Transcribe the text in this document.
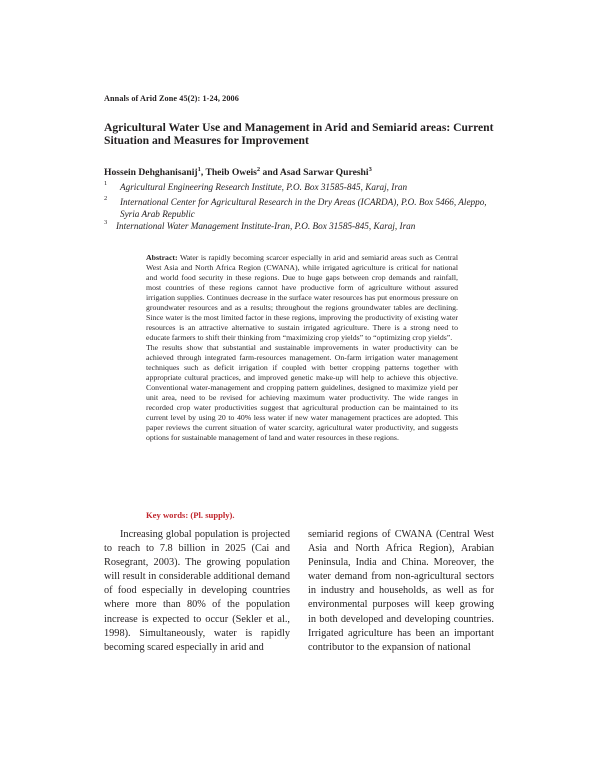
Annals of Arid Zone 45(2): 1-24, 2006
Agricultural Water Use and Management in Arid and Semiarid areas: Current Situation and Measures for Improvement
Hossein Dehghanisanij$^1$, Theib Oweis$^2$ and Asad Sarwar Qureshi$^3$
1	Agricultural Engineering Research Institute, P.O. Box 31585-845, Karaj, Iran
2	International Center for Agricultural Research in the Dry Areas (ICARDA), P.O. Box 5466, Aleppo, Syria Arab Republic
3 International Water Management Institute-Iran, P.O. Box 31585-845, Karaj, Iran

Abstract: Water is rapidly becoming scarcer especially in arid and semiarid areas such as Central West Asia and North Africa Region (CWANA), while irrigated agriculture is critical for national and world food security in these regions. Due to huge gaps between crop demands and rainfall, most countries of these regions cannot have productive form of agriculture without assured irrigation supplies. Continues decrease in the surface water resources has put enormous pressure on groundwater resources and as a results; throughout the regions groundwater tables are declining. Since water is the most limited factor in these regions, improving the productivity of existing water resources is an attractive alternative to sustain irrigated agriculture. There is a strong need to educate farmers to shift their thinking from “maximizing crop yields” to “optimizing crop yields”.

The results show that substantial and sustainable improvements in water productivity can be achieved through integrated farm-resources management. On-farm irrigation water management techniques such as deficit irrigation if coupled with better cropping patterns together with appropriate cultural practices, and improved genetic make-up will help to achieve this objective. Conventional water-management and cropping pattern guidelines, designed to maximize yield per unit area, need to be revised for achieving maximum water productivity. The wide ranges in recorded crop water productivities suggest that agricultural production can be maintained to its current level by using 20 to 40% less water if new water management practices are adopted. This paper reviews the current situation of water scarcity, agricultural water productivity, and suggests options for sustainable management of land and water resources in these regions.

Key words: (Pl. supply).

Increasing global population is projected to reach to 7.8 billion in 2025 (Cai and Rosegrant, 2003). The growing population will result in considerable additional demand of food especially in developing countries where more than 80% of the population increase is expected to occur (Sekler et al., 1998). Simultaneously, water is rapidly becoming scared especially in arid and

semiarid regions of CWANA (Central West Asia and North Africa Region), Arabian Peninsula, India and China. Moreover, the water demand from non-agricultural sectors in industry and households, as well as for environmental purposes will keep growing in both developed and developing countries. Irrigated agriculture has been an important contributor to the expansion of national
